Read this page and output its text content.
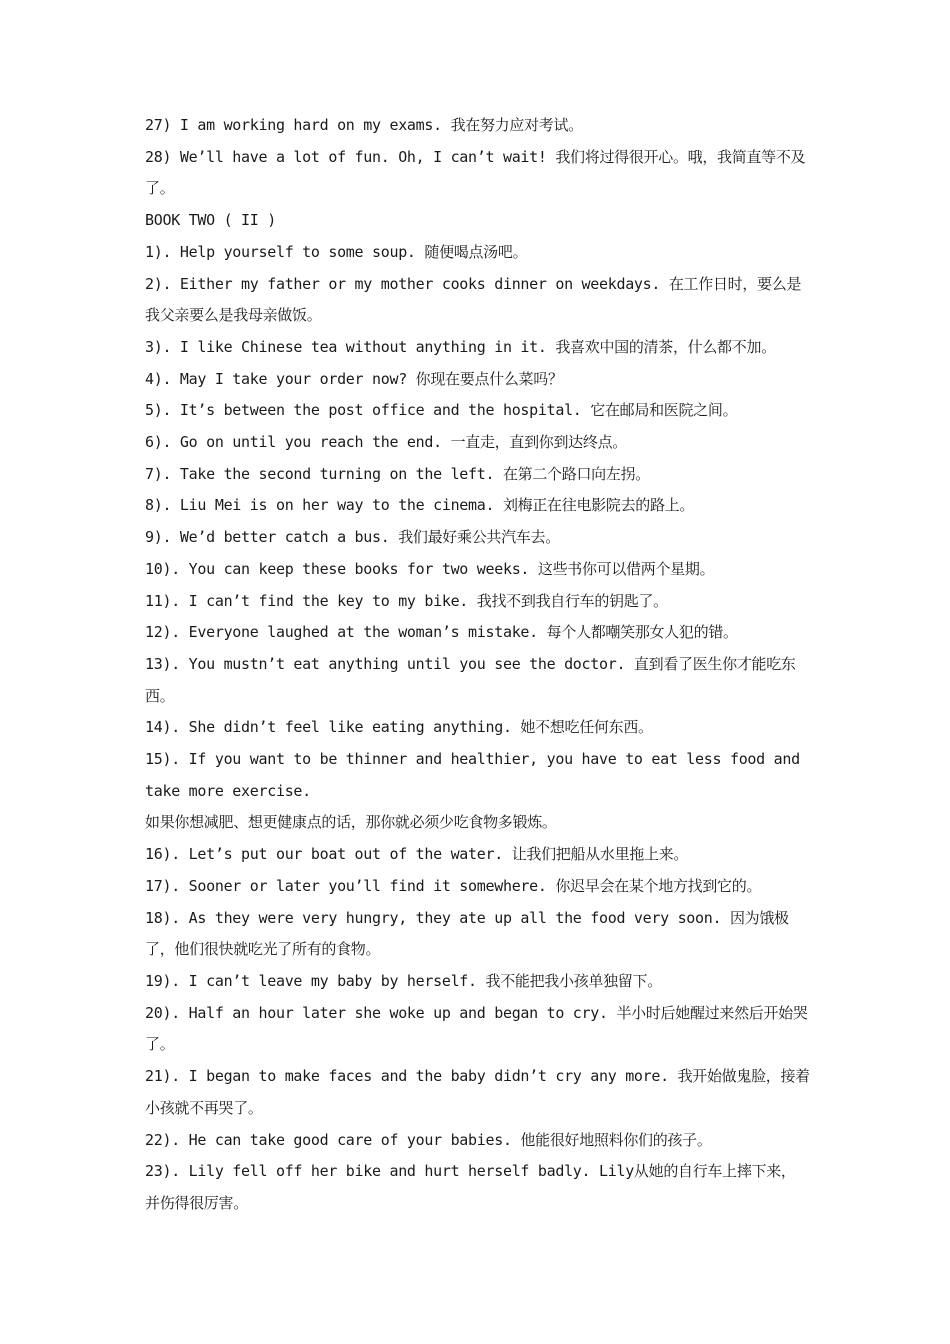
27) I am working hard on my exams. 我在努力应对考试。

28) We’ll have a lot of fun. Oh, I can’t wait! 我们将过得很开心。哦，我简直等不及了。

BOOK TWO ( II )

1). Help yourself to some soup. 随便喝点汤吧。

2). Either my father or my mother cooks dinner on weekdays. 在工作日时，要么是我父亲要么是我母亲做饭。

3). I like Chinese tea without anything in it. 我喜欢中国的清茶，什么都不加。

4). May I take your order now? 你现在要点什么菜吗？

5). It’s between the post office and the hospital. 它在邮局和医院之间。

6). Go on until you reach the end. 一直走，直到你到达终点。

7). Take the second turning on the left. 在第二个路口向左拐。

8). Liu Mei is on her way to the cinema. 刘梅正在往电影院去的路上。

9). We’d better catch a bus. 我们最好乘公共汽车去。

10). You can keep these books for two weeks. 这些书你可以借两个星期。

11). I can’t find the key to my bike. 我找不到我自行车的钥匙了。

12). Everyone laughed at the woman’s mistake. 每个人都嘲笑那女人犯的错。

13). You mustn’t eat anything until you see the doctor. 直到看了医生你才能吃东西。

14). She didn’t feel like eating anything. 她不想吃任何东西。

15). If you want to be thinner and healthier, you have to eat less food and take more exercise.

如果你想减肥、想更健康点的话，那你就必须少吃食物多锻炼。

16). Let’s put our boat out of the water. 让我们把船从水里拖上来。

17). Sooner or later you’ll find it somewhere. 你迟早会在某个地方找到它的。

18). As they were very hungry, they ate up all the food very soon. 因为饿极了，他们很快就吃光了所有的食物。

19). I can’t leave my baby by herself. 我不能把我小孩单独留下。

20). Half an hour later she woke up and began to cry. 半小时后她醒过来然后开始哭了。

21). I began to make faces and the baby didn’t cry any more. 我开始做鬼脸，接着小孩就不再哭了。

22). He can take good care of your babies. 他能很好地照料你们的孩子。

23). Lily fell off her bike and hurt herself badly. Lily从她的自行车上摔下来，并伤得很厉害。
